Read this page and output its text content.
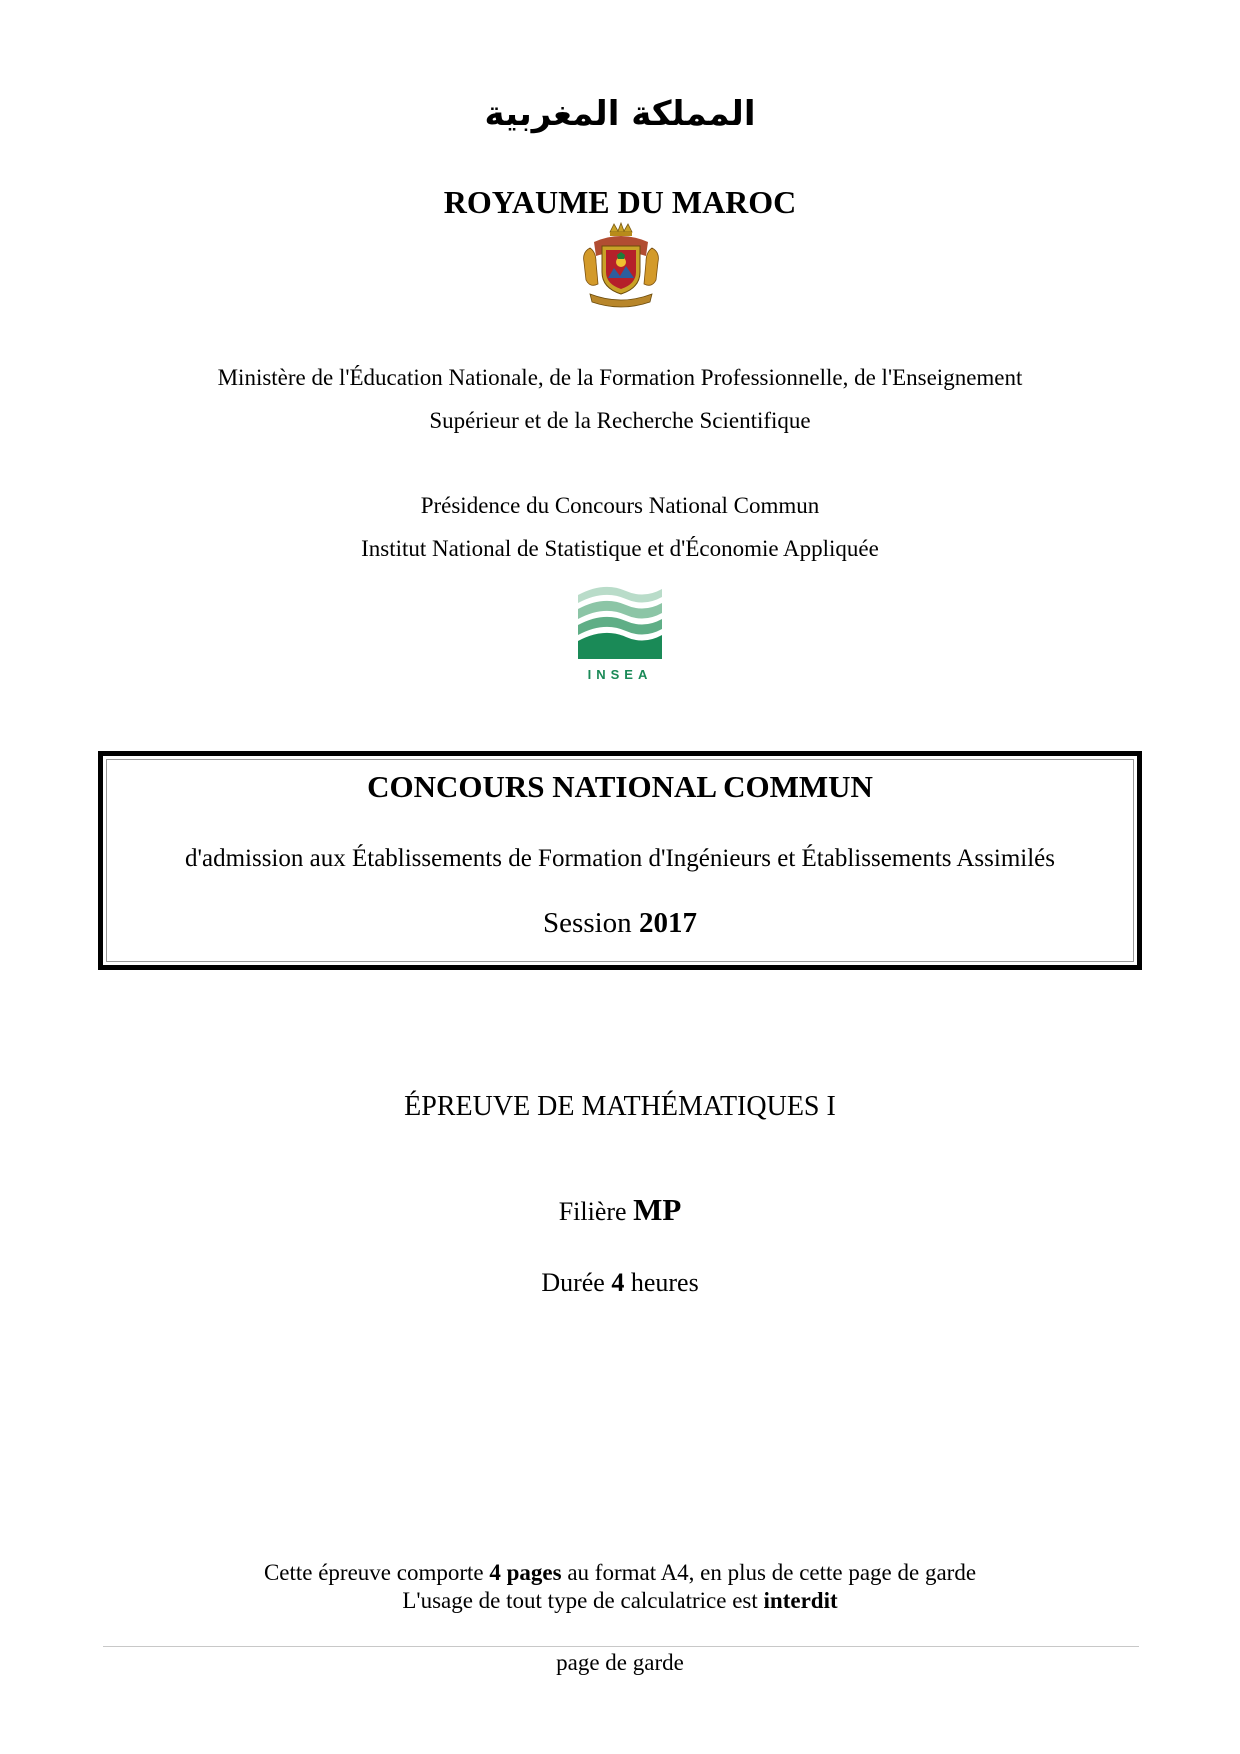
المملكة المغربية
ROYAUME DU MAROC
Ministère de l'Éducation Nationale, de la Formation Professionnelle, de l'Enseignement
Supérieur et de la Recherche Scientifique
Présidence du Concours National Commun
Institut National de Statistique et d'Économie Appliquée
INSEA
CONCOURS NATIONAL COMMUN
d'admission aux Établissements de Formation d'Ingénieurs et Établissements Assimilés
Session 2017
ÉPREUVE DE MATHÉMATIQUES I
Filière MP
Durée 4 heures
Cette épreuve comporte 4 pages au format A4, en plus de cette page de garde
L'usage de tout type de calculatrice est interdit
page de garde
